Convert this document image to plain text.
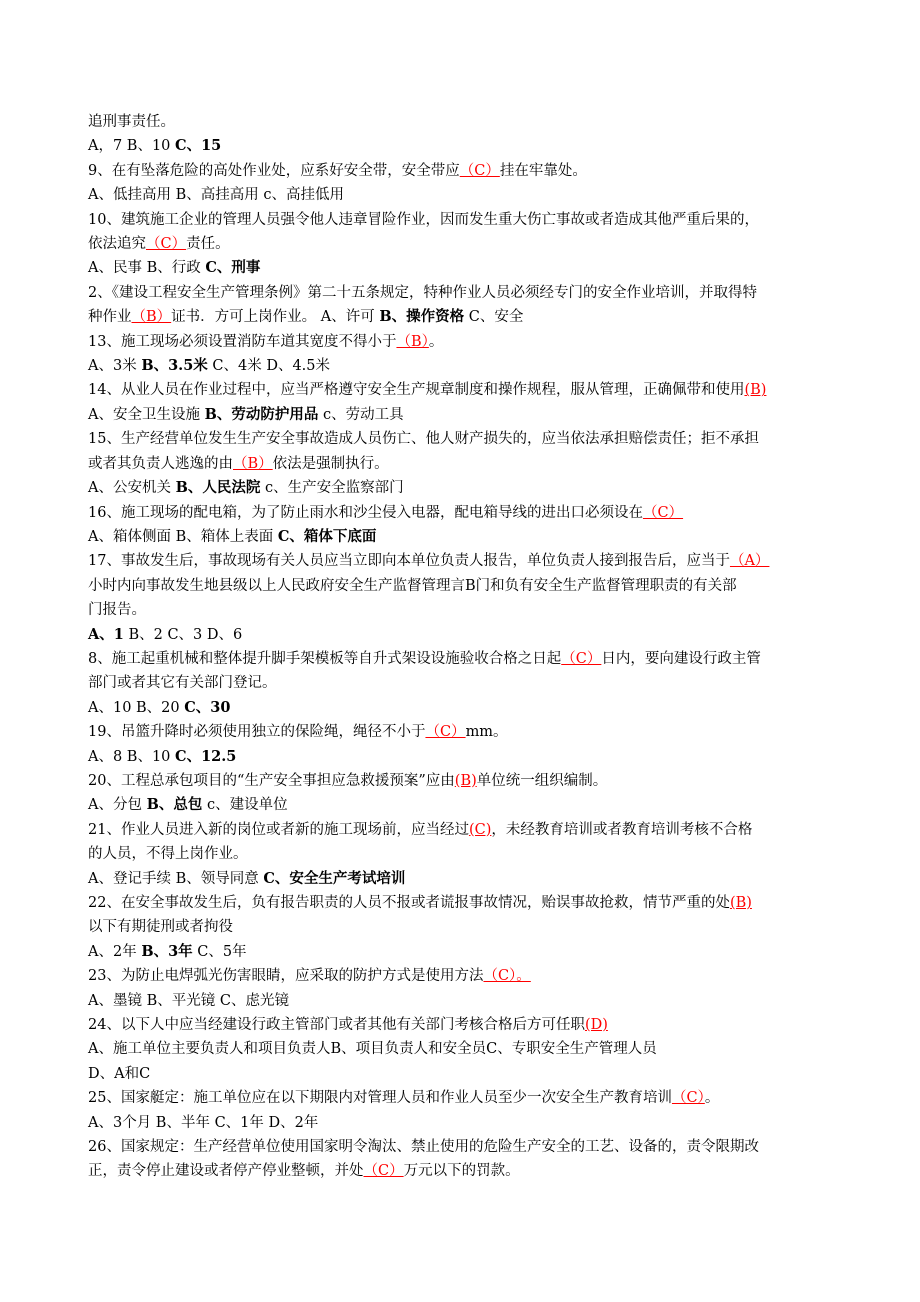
追刑事责任。
A，7 B、10 C、15
9、在有坠落危险的高处作业处，应系好安全带，安全带应（C）挂在牢靠处。
A、低挂高用 B、高挂高用 c、高挂低用
10、建筑施工企业的管理人员强令他人违章冒险作业，因而发生重大伤亡事故或者造成其他严重后果的，
依法追究（C）责任。
A、民事 B、行政 C、刑事
2、《建设工程安全生产管理条例》第二十五条规定，特种作业人员必须经专门的安全作业培训，并取得特
种作业（B）证书．方可上岗作业。 A、许可 B、操作资格 C、安全
13、施工现场必须设置消防车道其宽度不得小于（B）。
A、3米 B、3.5米 C、4米 D、4.5米
14、从业人员在作业过程中，应当严格遵守安全生产规章制度和操作规程，服从管理，正确佩带和使用(B)
A、安全卫生设施 B、劳动防护用品 c、劳动工具
15、生产经营单位发生生产安全事故造成人员伤亡、他人财产损失的，应当依法承担赔偿责任；拒不承担
或者其负责人逃逸的由（B）依法是强制执行。
A、公安机关 B、人民法院 c、生产安全监察部门
16、施工现场的配电箱，为了防止雨水和沙尘侵入电器，配电箱导线的进出口必须设在（C）
A、箱体侧面 B、箱体上表面 C、箱体下底面
17、事故发生后，事故现场有关人员应当立即向本单位负责人报告，单位负责人接到报告后，应当于（A）
小时内向事故发生地县级以上人民政府安全生产监督管理言B门和负有安全生产监督管理职责的有关部
门报告。
A、1 B、2 C、3 D、6
8、施工起重机械和整体提升脚手架模板等自升式架设设施验收合格之日起（C）日内，要向建设行政主管
部门或者其它有关部门登记。
A、10 B、20 C、30
19、吊篮升降时必须使用独立的保险绳，绳径不小于（C）mm。
A、8 B、10 C、12.5
20、工程总承包项目的“生产安全事担应急救援预案”应由(B)单位统一组织编制。
A、分包 B、总包 c、建设单位
21、作业人员进入新的岗位或者新的施工现场前，应当经过(C)，未经教育培训或者教育培训考核不合格
的人员，不得上岗作业。
A、登记手续 B、领导同意 C、安全生产考试培训
22、在安全事故发生后，负有报告职责的人员不报或者谎报事故情况，贻误事故抢救，情节严重的处(B)
以下有期徒刑或者拘役
A、2年 B、3年 C、5年
23、为防止电焊弧光伤害眼睛，应采取的防护方式是使用方法（C）。
A、墨镜 B、平光镜 C、虑光镜
24、以下人中应当经建设行政主管部门或者其他有关部门考核合格后方可任职(D)
A、施工单位主要负责人和项目负责人B、项目负责人和安全员C、专职安全生产管理人员
D、A和C
25、国家艇定：施工单位应在以下期限内对管理人员和作业人员至少一次安全生产教育培训（C）。
A、3个月 B、半年 C、1年 D、2年
26、国家规定：生产经营单位使用国家明令淘汰、禁止使用的危险生产安全的工艺、设备的，责令限期改
正，责令停止建设或者停产停业整顿，并处（C）万元以下的罚款。
